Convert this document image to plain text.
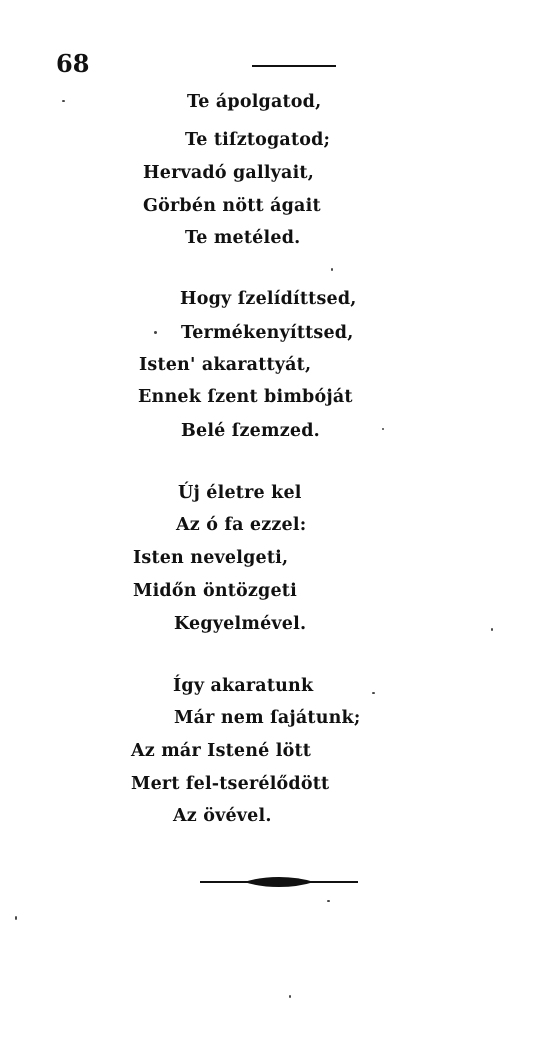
68
Te ápolgatod,
Te tiſztogatod;
Hervadó gallyait,
Görbén nött ágait
Te metéled.
Hogy ſzelídíttsed,
Termékenyíttsed,
Isten' akarattyát,
Ennek ſzent bimbóját
Belé ſzemzed.
Új életre kel
Az ó fa ezzel:
Isten nevelgeti,
Midőn öntözgeti
Kegyelmével.
Így akaratunk
Már nem ſajátunk;
Az már Istené lött
Mert fel-tserélődött
Az övével.
